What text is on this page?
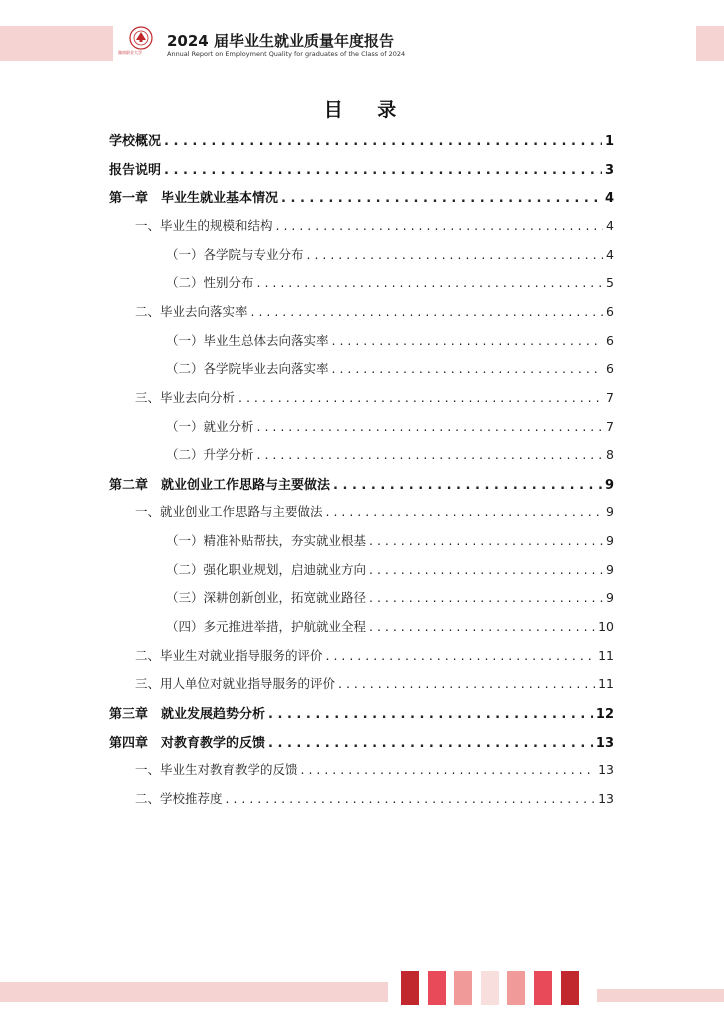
湖南职业大学
2024 届毕业生就业质量年度报告
Annual Report on Employment Quality for graduates of the Class of 2024
目 录
学校概况 . . .	1
报告说明 . . .	3
第一章　毕业生就业基本情况 . . .	4
一、毕业生的规模和结构 . . .	4
（一）各学院与专业分布 . . .	4
（二）性别分布 . . .	5
二、毕业去向落实率 . . .	6
（一）毕业生总体去向落实率 . . .	6
（二）各学院毕业去向落实率 . . .	6
三、毕业去向分析 . . .	7
（一）就业分析 . . .	7
（二）升学分析 . . .	8
第二章　就业创业工作思路与主要做法 . . .	9
一、就业创业工作思路与主要做法 . . .	9
（一）精准补贴帮扶，夯实就业根基 . . .	9
（二）强化职业规划，启迪就业方向 . . .	9
（三）深耕创新创业，拓宽就业路径 . . .	9
（四）多元推进举措，护航就业全程 . . .	10
二、毕业生对就业指导服务的评价 . . .	11
三、用人单位对就业指导服务的评价 . . .	11
第三章　就业发展趋势分析 . . .	12
第四章　对教育教学的反馈 . . .	13
一、毕业生对教育教学的反馈 . . .	13
二、学校推荐度 . . .	13
